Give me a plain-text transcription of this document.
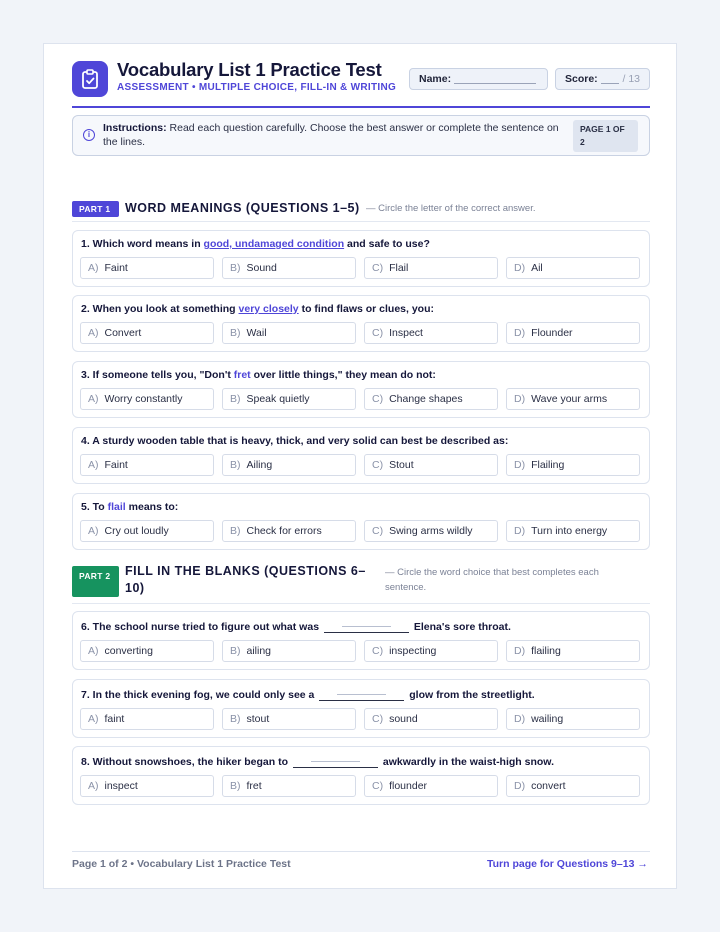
Vocabulary List 1 Practice Test
ASSESSMENT • MULTIPLE CHOICE, FILL-IN & WRITING
Name:	Score: / 13
i
Instructions: Read each question carefully. Choose the best answer or complete the sentence on the lines.
PAGE 1 OF 2
PART 1	WORD MEANINGS (QUESTIONS 1–5) — Circle the letter of the correct answer.
1. Which word means in good, undamaged condition and safe to use?
A) Faint	B) Sound	C) Flail	D) Ail
2. When you look at something very closely to find flaws or clues, you:
A) Convert	B) Wail	C) Inspect	D) Flounder
3. If someone tells you, "Don't fret over little things," they mean do not:
A) Worry constantly	B) Speak quietly	C) Change shapes	D) Wave your arms
4. A sturdy wooden table that is heavy, thick, and very solid can best be described as:
A) Faint	B) Ailing	C) Stout	D) Flailing
5. To flail means to:
A) Cry out loudly	B) Check for errors	C) Swing arms wildly	D) Turn into energy
PART 2	FILL IN THE BLANKS (QUESTIONS 6–10)
— Circle the word choice that best completes each sentence.
6. The school nurse tried to figure out what was	Elena's sore throat.
A) converting	B) ailing	C) inspecting	D) flailing
7. In the thick evening fog, we could only see a	glow from the streetlight.
A) faint	B) stout	C) sound	D) wailing
8. Without snowshoes, the hiker began to	awkwardly in the waist-high snow.
A) inspect	B) fret	C) flounder	D) convert
Page 1 of 2 • Vocabulary List 1 Practice Test	Turn page for Questions 9–13 →
